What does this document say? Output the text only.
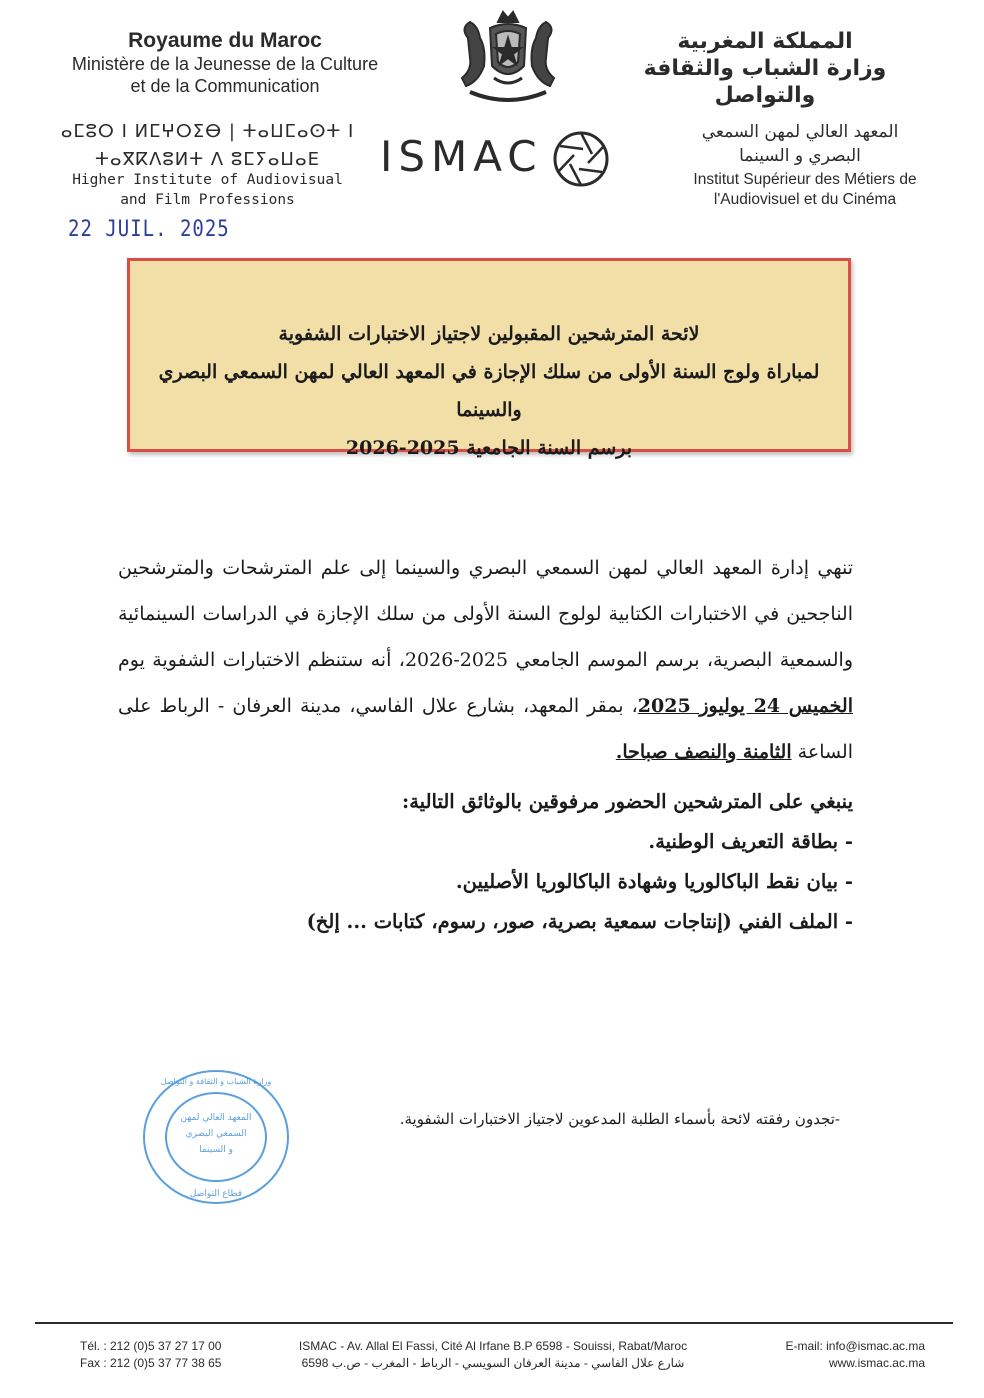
Royaume du Maroc
Ministère de la Jeunesse de la Culture
et de la Communication
ⴰⵎⵓⵔ ⵏ ⵍⵎⵖⵔⵉⴱ | ⵜⴰⵡⵎⴰⵙⵜ ⵏ
ⵜⴰⴳⴽⴷⵓⵍⵜ ⴷ ⵓⵎⵢⴰⵡⴰⴹ
Higher Institute of Audiovisual
and Film Professions
22 JUIL. 2025
ISMAC
المملكة المغربية
وزارة الشباب والثقافة
والتواصل
المعهد العالي لمهن السمعي
البصري و السينما
Institut Supérieur des Métiers de
l'Audiovisuel et du Cinéma
لائحة المترشحين المقبولين لاجتياز الاختبارات الشفوية
لمباراة ولوج السنة الأولى من سلك الإجازة في المعهد العالي لمهن السمعي البصري والسينما
برسم السنة الجامعية 2025-2026
تنهي إدارة المعهد العالي لمهن السمعي البصري والسينما إلى علم المترشحات والمترشحين الناجحين في الاختبارات الكتابية لولوج السنة الأولى من سلك الإجازة في الدراسات السينمائية والسمعية البصرية، برسم الموسم الجامعي 2025-2026، أنه ستنظم الاختبارات الشفوية يوم الخميس 24 يوليوز 2025، بمقر المعهد، بشارع علال الفاسي، مدينة العرفان - الرباط على الساعة الثامنة والنصف صباحا.
ينبغي على المترشحين الحضور مرفوقين بالوثائق التالية:
- بطاقة التعريف الوطنية.
- بيان نقط الباكالوريا وشهادة الباكالوريا الأصليين.
- الملف الفني (إنتاجات سمعية بصرية، صور، رسوم، كتابات ... إلخ)
المعهد العالي لمهن
السمعي البصري
و السينما
وزارة الشباب و الثقافة و التواصل
قطاع التواصل
-تجدون رفقته لائحة بأسماء الطلبة المدعوين لاجتياز الاختبارات الشفوية.
Tél. : 212 (0)5 37 27 17 00
Fax : 212 (0)5 37 77 38 65
ISMAC - Av. Allal El Fassi, Cité Al Irfane B.P 6598 - Souissi, Rabat/Maroc
شارع علال الفاسي - مدينة العرفان السويسي - الرباط - المغرب - ص.ب 6598
E-mail: info@ismac.ac.ma
www.ismac.ac.ma
